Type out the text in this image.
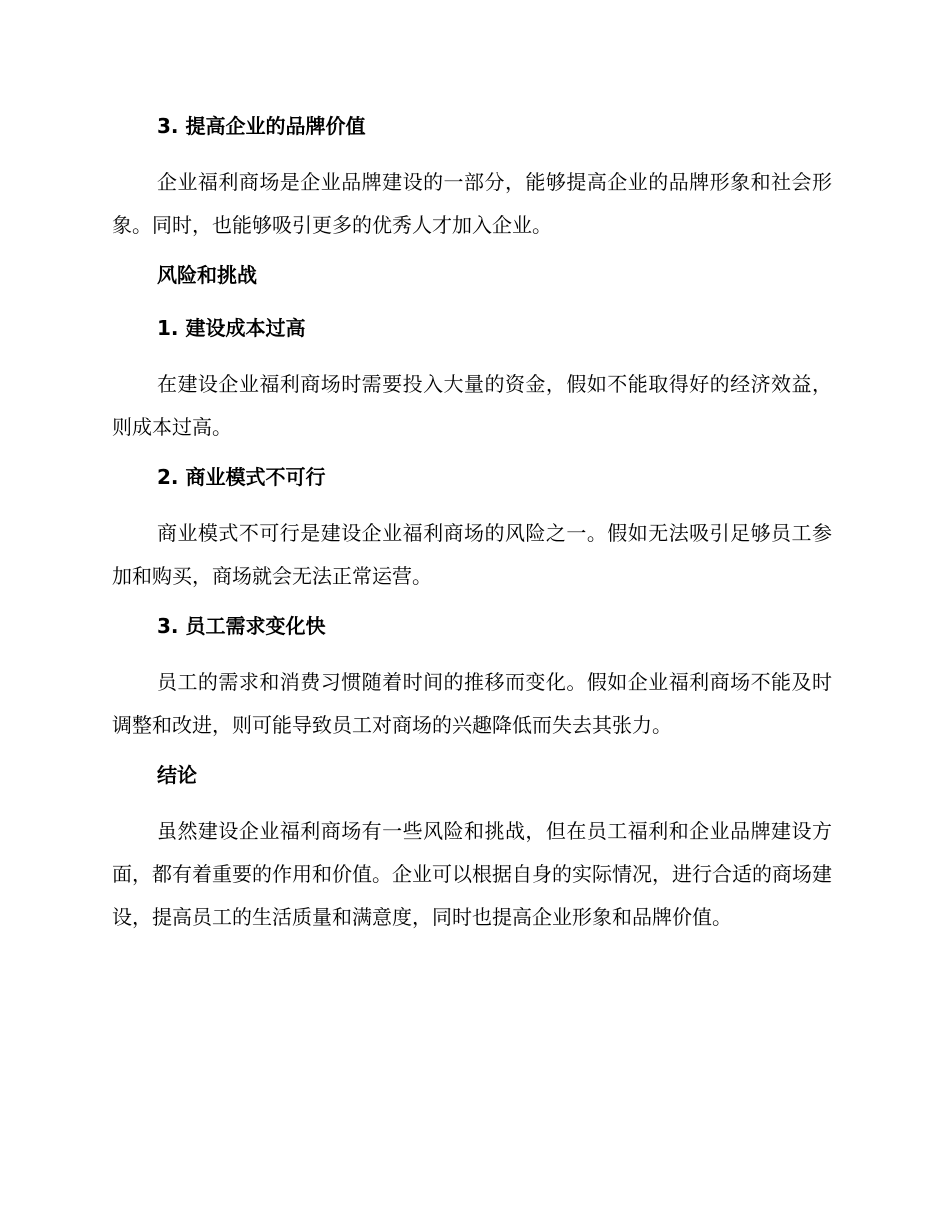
3. 提高企业的品牌价值

企业福利商场是企业品牌建设的一部分，能够提高企业的品牌形象和社会形象。同时，也能够吸引更多的优秀人才加入企业。

风险和挑战
1. 建设成本过高

在建设企业福利商场时需要投入大量的资金，假如不能取得好的经济效益，则成本过高。

2. 商业模式不可行

商业模式不可行是建设企业福利商场的风险之一。假如无法吸引足够员工参加和购买，商场就会无法正常运营。

3. 员工需求变化快

员工的需求和消费习惯随着时间的推移而变化。假如企业福利商场不能及时调整和改进，则可能导致员工对商场的兴趣降低而失去其张力。

结论

虽然建设企业福利商场有一些风险和挑战，但在员工福利和企业品牌建设方面，都有着重要的作用和价值。企业可以根据自身的实际情况，进行合适的商场建设，提高员工的生活质量和满意度，同时也提高企业形象和品牌价值。
